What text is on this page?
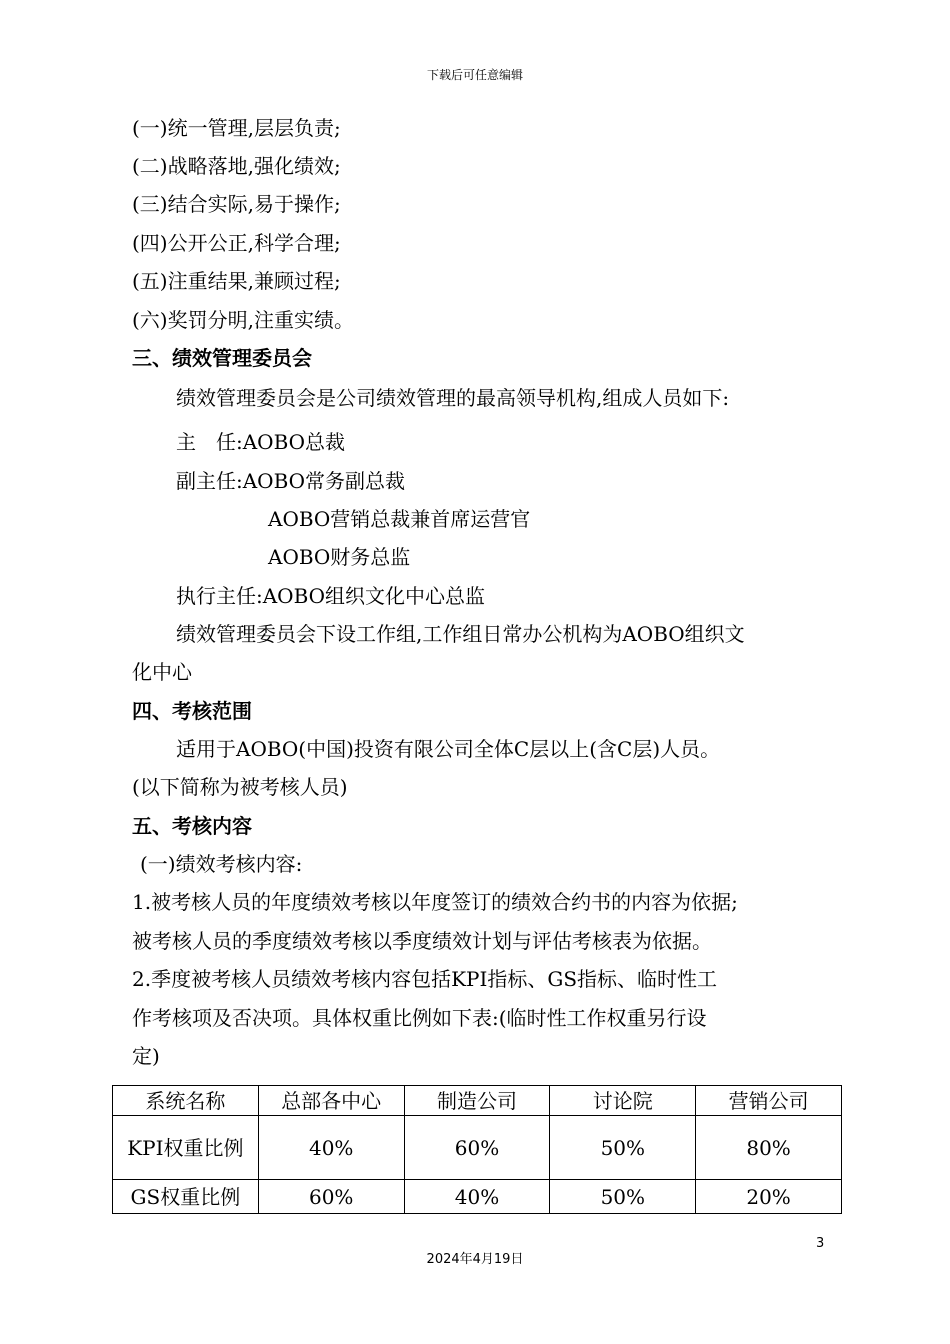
下载后可任意编辑
(一)统一管理,层层负责;
(二)战略落地,强化绩效;
(三)结合实际,易于操作;
(四)公开公正,科学合理;
(五)注重结果,兼顾过程;
(六)奖罚分明,注重实绩。
三、绩效管理委员会
绩效管理委员会是公司绩效管理的最高领导机构,组成人员如下:
主　任:AOBO总裁
副主任:AOBO常务副总裁
AOBO营销总裁兼首席运营官
AOBO财务总监
执行主任:AOBO组织文化中心总监
绩效管理委员会下设工作组,工作组日常办公机构为AOBO组织文
化中心
四、考核范围
适用于AOBO(中国)投资有限公司全体C层以上(含C层)人员。
(以下简称为被考核人员)
五、考核内容
(一)绩效考核内容:
1.被考核人员的年度绩效考核以年度签订的绩效合约书的内容为依据;
被考核人员的季度绩效考核以季度绩效计划与评估考核表为依据。
2.季度被考核人员绩效考核内容包括KPI指标、GS指标、临时性工
作考核项及否决项。具体权重比例如下表:(临时性工作权重另行设
定)
系统名称	总部各中心	制造公司	讨论院	营销公司
KPI权重比例	40%	60%	50%	80%
GS权重比例	60%	40%	50%	20%
3
2024年4月19日
